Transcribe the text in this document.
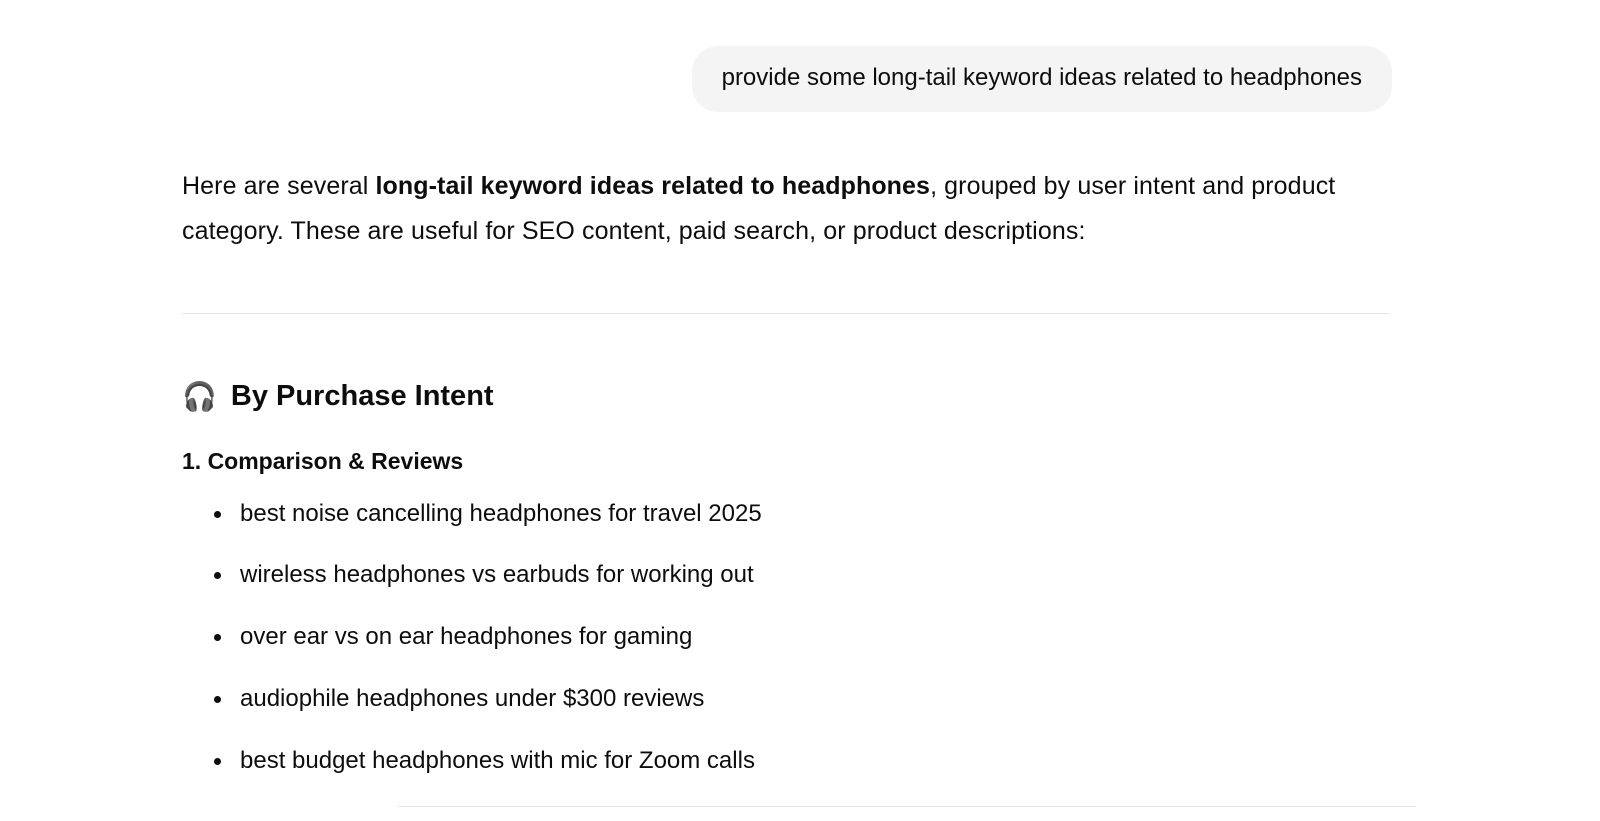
provide some long-tail keyword ideas related to headphones

Here are several long-tail keyword ideas related to headphones, grouped by user intent and product category. These are useful for SEO content, paid search, or product descriptions:

🎧 By Purchase Intent
1. Comparison & Reviews
best noise cancelling headphones for travel 2025
wireless headphones vs earbuds for working out
over ear vs on ear headphones for gaming
audiophile headphones under $300 reviews
best budget headphones with mic for Zoom calls
